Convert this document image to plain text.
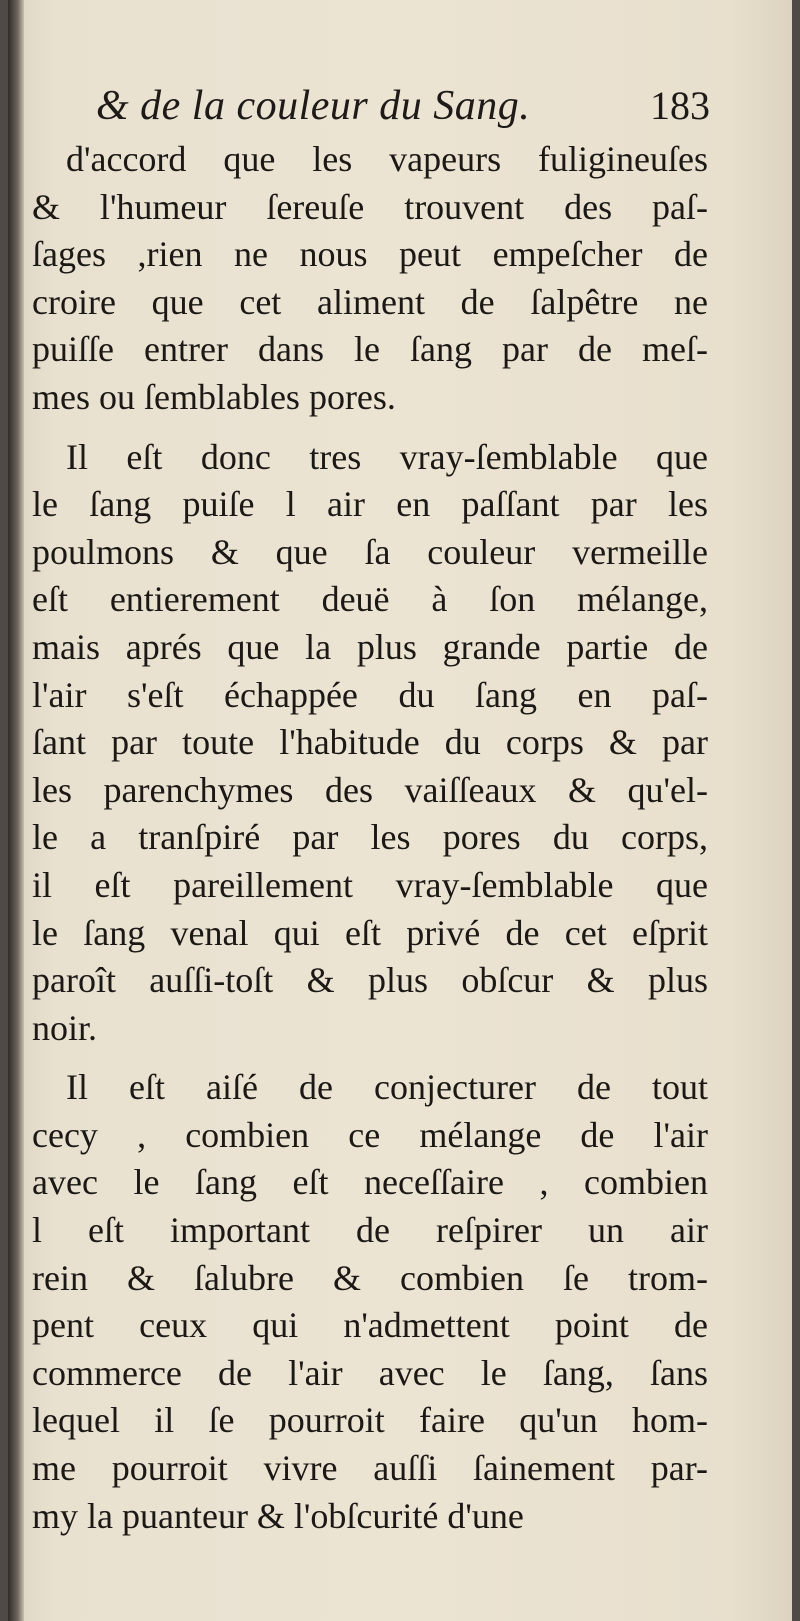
& de la couleur du Sang.	183
d'accord que les vapeurs fuligineuſes
& l'humeur ſereuſe trouvent des paſ-
ſages ,rien ne nous peut empeſcher de
croire que cet aliment de ſalpêtre ne
puiſſe entrer dans le ſang par de meſ-
mes ou ſemblables pores.
Il eſt donc tres vray-ſemblable que
le ſang puiſe l air en paſſant par les
poulmons & que ſa couleur vermeille
eſt entierement deuë à ſon mélange,
mais aprés que la plus grande partie de
l'air s'eſt échappée du ſang en paſ-
ſant par toute l'habitude du corps & par
les parenchymes des vaiſſeaux & qu'el-
le a tranſpiré par les pores du corps,
il eſt pareillement vray-ſemblable que
le ſang venal qui eſt privé de cet eſprit
paroît auſſi-toſt & plus obſcur & plus
noir.
Il eſt aiſé de conjecturer de tout
cecy , combien ce mélange de l'air
avec le ſang eſt neceſſaire , combien
l eſt important de reſpirer un air
rein & ſalubre & combien ſe trom-
pent ceux qui n'admettent point de
commerce de l'air avec le ſang, ſans
lequel il ſe pourroit faire qu'un hom-
me pourroit vivre auſſi ſainement par-
my la puanteur & l'obſcurité d'une
